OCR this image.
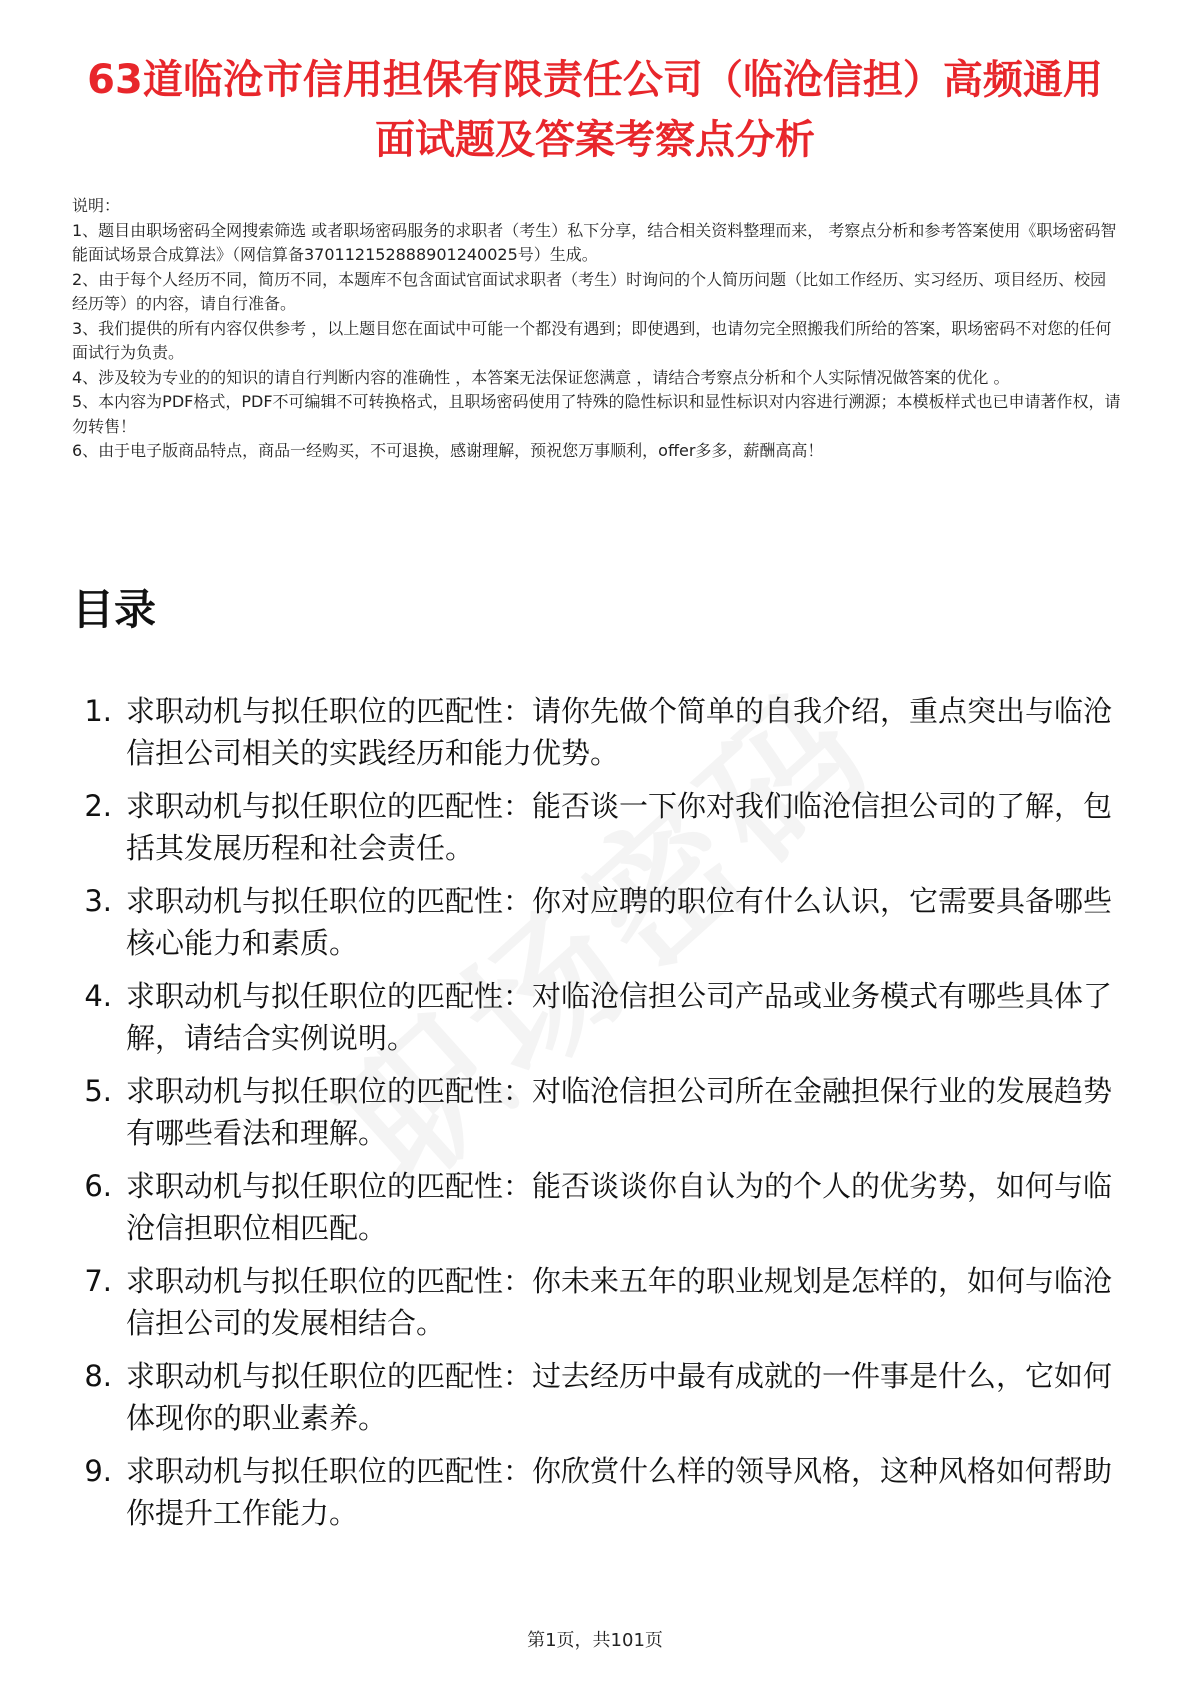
63道临沧市信用担保有限责任公司（临沧信担）高频通用面试题及答案考察点分析

说明：

1、题目由职场密码全网搜索筛选 或者职场密码服务的求职者（考生）私下分享，结合相关资料整理而来， 考察点分析和参考答案使用《职场密码智能面试场景合成算法》（网信算备370112152888901240025号）生成。

2、由于每个人经历不同，简历不同，本题库不包含面试官面试求职者（考生）时询问的个人简历问题（比如工作经历、实习经历、项目经历、校园经历等）的内容，请自行准备。

3、我们提供的所有内容仅供参考 ，以上题目您在面试中可能一个都没有遇到；即使遇到，也请勿完全照搬我们所给的答案，职场密码不对您的任何面试行为负责。

4、涉及较为专业的的知识的请自行判断内容的准确性 ，本答案无法保证您满意 ，请结合考察点分析和个人实际情况做答案的优化 。

5、本内容为PDF格式，PDF不可编辑不可转换格式，且职场密码使用了特殊的隐性标识和显性标识对内容进行溯源；本模板样式也已申请著作权，请勿转售！

6、由于电子版商品特点，商品一经购买，不可退换，感谢理解，预祝您万事顺利，offer多多，薪酬高高！

目录
1. 求职动机与拟任职位的匹配性：请你先做个简单的自我介绍，重点突出与临沧信担公司相关的实践经历和能力优势。
2. 求职动机与拟任职位的匹配性：能否谈一下你对我们临沧信担公司的了解，包括其发展历程和社会责任。
3. 求职动机与拟任职位的匹配性：你对应聘的职位有什么认识，它需要具备哪些核心能力和素质。
4. 求职动机与拟任职位的匹配性：对临沧信担公司产品或业务模式有哪些具体了解，请结合实例说明。
5. 求职动机与拟任职位的匹配性：对临沧信担公司所在金融担保行业的发展趋势有哪些看法和理解。
6. 求职动机与拟任职位的匹配性：能否谈谈你自认为的个人的优劣势，如何与临沧信担职位相匹配。
7. 求职动机与拟任职位的匹配性：你未来五年的职业规划是怎样的，如何与临沧信担公司的发展相结合。
8. 求职动机与拟任职位的匹配性：过去经历中最有成就的一件事是什么，它如何体现你的职业素养。
9. 求职动机与拟任职位的匹配性：你欣赏什么样的领导风格，这种风格如何帮助你提升工作能力。
第1页，共101页
